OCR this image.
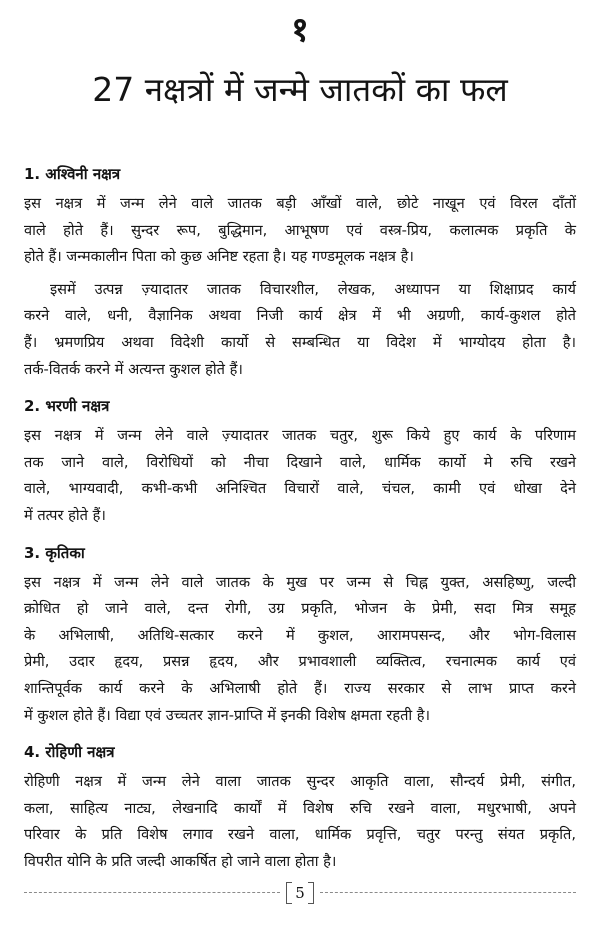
१
27 नक्षत्रों में जन्मे जातकों का फल
1. अश्विनी नक्षत्र

इस नक्षत्र में जन्म लेने वाले जातक बड़ी आँखों वाले, छोटे नाखून एवं विरल दाँतों
वाले होते हैं। सुन्दर रूप, बुद्धिमान, आभूषण एवं वस्त्र-प्रिय, कलात्मक प्रकृति के
होते हैं। जन्मकालीन पिता को कुछ अनिष्ट रहता है। यह गण्डमूलक नक्षत्र है।

इसमें उत्पन्न ज़्यादातर जातक विचारशील, लेखक, अध्यापन या शिक्षाप्रद कार्य
करने वाले, धनी, वैज्ञानिक अथवा निजी कार्य क्षेत्र में भी अग्रणी, कार्य-कुशल होते
हैं। भ्रमणप्रिय अथवा विदेशी कार्यो से सम्बन्धित या विदेश में भाग्योदय होता है।
तर्क-वितर्क करने में अत्यन्त कुशल होते हैं।

2. भरणी नक्षत्र

इस नक्षत्र में जन्म लेने वाले ज़्यादातर जातक चतुर, शुरू किये हुए कार्य के परिणाम
तक जाने वाले, विरोधियों को नीचा दिखाने वाले, धार्मिक कार्यो मे रुचि रखने
वाले, भाग्यवादी, कभी-कभी अनिश्चित विचारों वाले, चंचल, कामी एवं धोखा देने
में तत्पर होते हैं।

3. कृतिका

इस नक्षत्र में जन्म लेने वाले जातक के मुख पर जन्म से चिह्न युक्त, असहिष्णु, जल्दी
क्रोधित हो जाने वाले, दन्त रोगी, उग्र प्रकृति, भोजन के प्रेमी, सदा मित्र समूह
के अभिलाषी, अतिथि-सत्कार करने में कुशल, आरामपसन्द, और भोग-विलास
प्रेमी, उदार हृदय, प्रसन्न हृदय, और प्रभावशाली व्यक्तित्व, रचनात्मक कार्य एवं
शान्तिपूर्वक कार्य करने के अभिलाषी होते हैं। राज्य सरकार से लाभ प्राप्त करने
में कुशल होते हैं। विद्या एवं उच्चतर ज्ञान-प्राप्ति में इनकी विशेष क्षमता रहती है।

4. रोहिणी नक्षत्र

रोहिणी नक्षत्र में जन्म लेने वाला जातक सुन्दर आकृति वाला, सौन्दर्य प्रेमी, संगीत,
कला, साहित्य नाट्य, लेखनादि कार्यों में विशेष रुचि रखने वाला, मधुरभाषी, अपने
परिवार के प्रति विशेष लगाव रखने वाला, धार्मिक प्रवृत्ति, चतुर परन्तु संयत प्रकृति,
विपरीत योनि के प्रति जल्दी आकर्षित हो जाने वाला होता है।

5
